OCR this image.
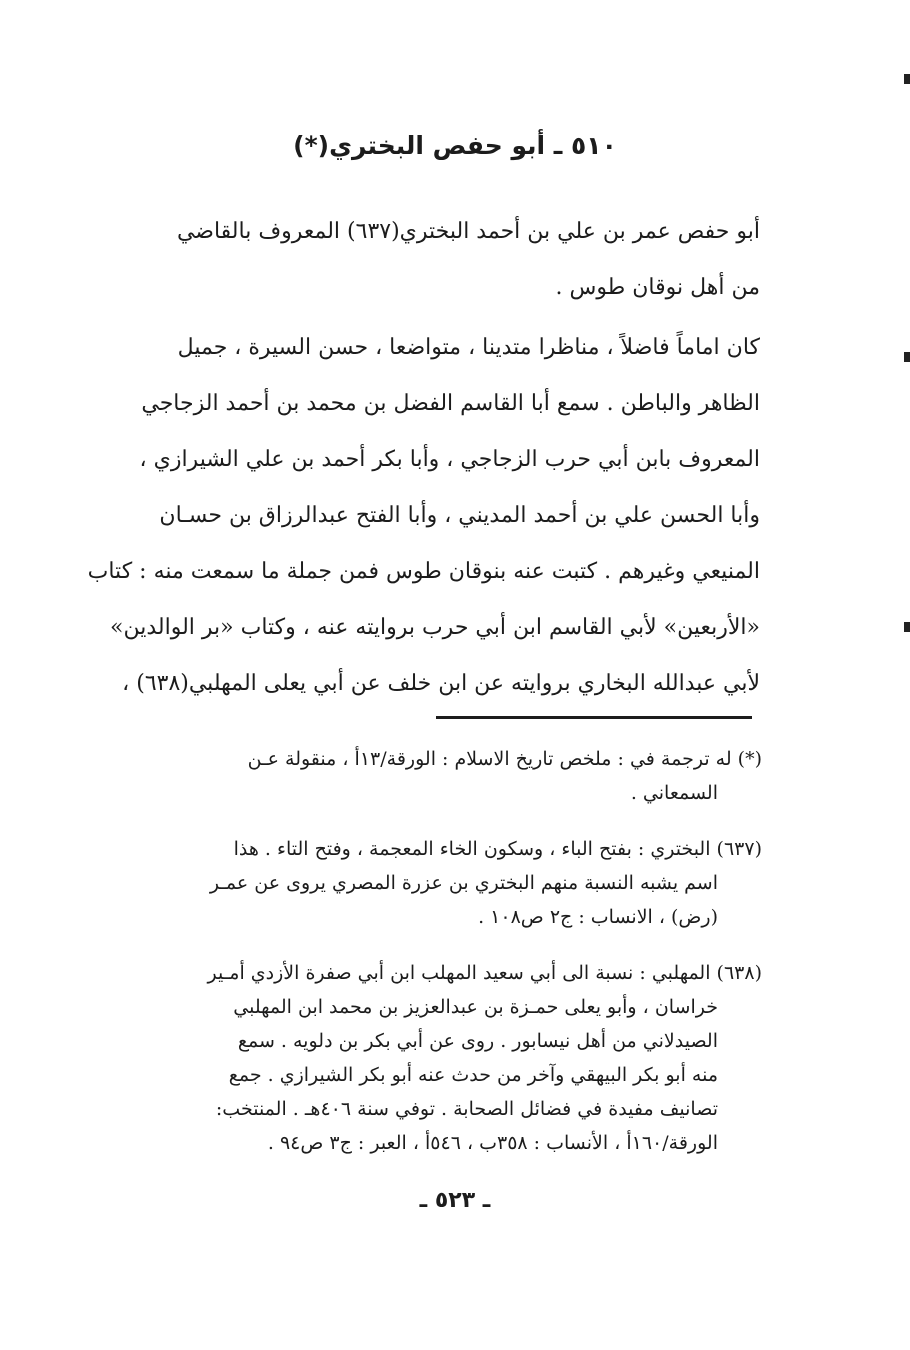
٥١٠ ـ أبو حفص البختري(*)
أبو حفص عمر بن علي بن أحمد البختري(٦٣٧) المعروف بالقاضي
من أهل نوقان طوس .
كان اماماً فاضلاً ، مناظرا متدينا ، متواضعا ، حسن السيرة ، جميل
الظاهر والباطن . سمع أبا القاسم الفضل بن محمد بن أحمد الزجاجي
المعروف بابن أبي حرب الزجاجي ، وأبا بكر أحمد بن علي الشيرازي ،
وأبا الحسن علي بن أحمد المديني ، وأبا الفتح عبدالرزاق بن حسـان
المنيعي وغيرهم . كتبت عنه بنوقان طوس فمن جملة ما سمعت منه : كتاب
«الأربعين» لأبي القاسم ابن أبي حرب بروايته عنه ، وكتاب «بر الوالدين»
لأبي عبدالله البخاري بروايته عن ابن خلف عن أبي يعلى المهلبي(٦٣٨) ،
(*) له ترجمة في : ملخص تاريخ الاسلام : الورقة/١٣أ ، منقولة عـن
السمعاني .
(٦٣٧) البختري : بفتح الباء ، وسكون الخاء المعجمة ، وفتح التاء . هذا
اسم يشبه النسبة منهم البختري بن عزرة المصري يروى عن عمـر
(رض) ، الانساب : ج٢ ص١٠٨ .
(٦٣٨) المهلبي : نسبة الى أبي سعيد المهلب ابن أبي صفرة الأزدي أمـير
خراسان ، وأبو يعلى حمـزة بن عبدالعزيز بن محمد ابن المهلبي
الصيدلاني من أهل نيسابور . روى عن أبي بكر بن دلويه . سمع
منه أبو بكر البيهقي وآخر من حدث عنه أبو بكر الشيرازي . جمع
تصانيف مفيدة في فضائل الصحابة . توفي سنة ٤٠٦هـ . المنتخب:
الورقة/١٦٠أ ، الأنساب : ٣٥٨ب ، ٥٤٦أ ، العبر : ج٣ ص٩٤ .
ـ ٥٢٣ ـ
